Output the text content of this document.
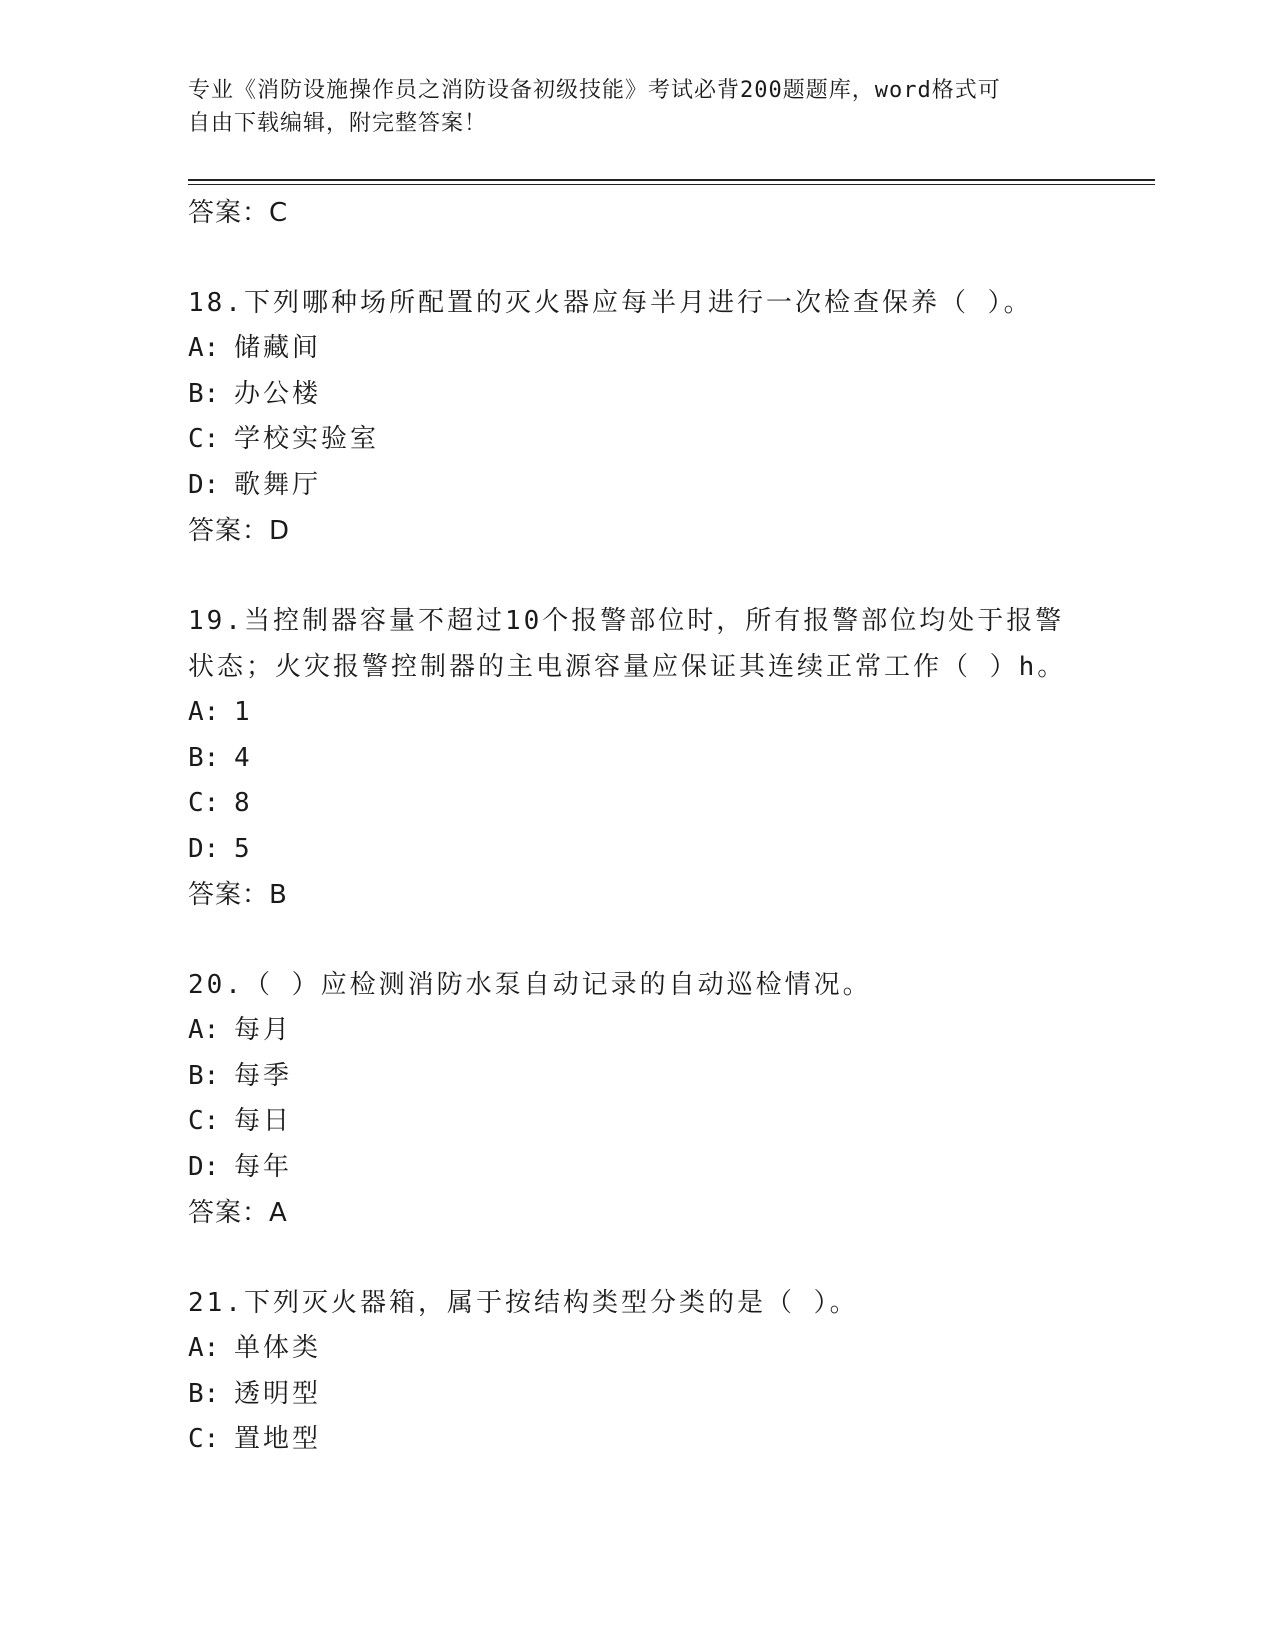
专业《消防设施操作员之消防设备初级技能》考试必背200题题库，word格式可
自由下载编辑，附完整答案！
答案：C
18.下列哪种场所配置的灭火器应每半月进行一次检查保养（ ）。
A: 储藏间
B: 办公楼
C: 学校实验室
D: 歌舞厅
答案：D
19.当控制器容量不超过10个报警部位时，所有报警部位均处于报警状态；火灾报警控制器的主电源容量应保证其连续正常工作（ ）h。
A: 1
B: 4
C: 8
D: 5
答案：B
20.（ ）应检测消防水泵自动记录的自动巡检情况。
A: 每月
B: 每季
C: 每日
D: 每年
答案：A
21.下列灭火器箱，属于按结构类型分类的是（ ）。
A: 单体类
B: 透明型
C: 置地型
